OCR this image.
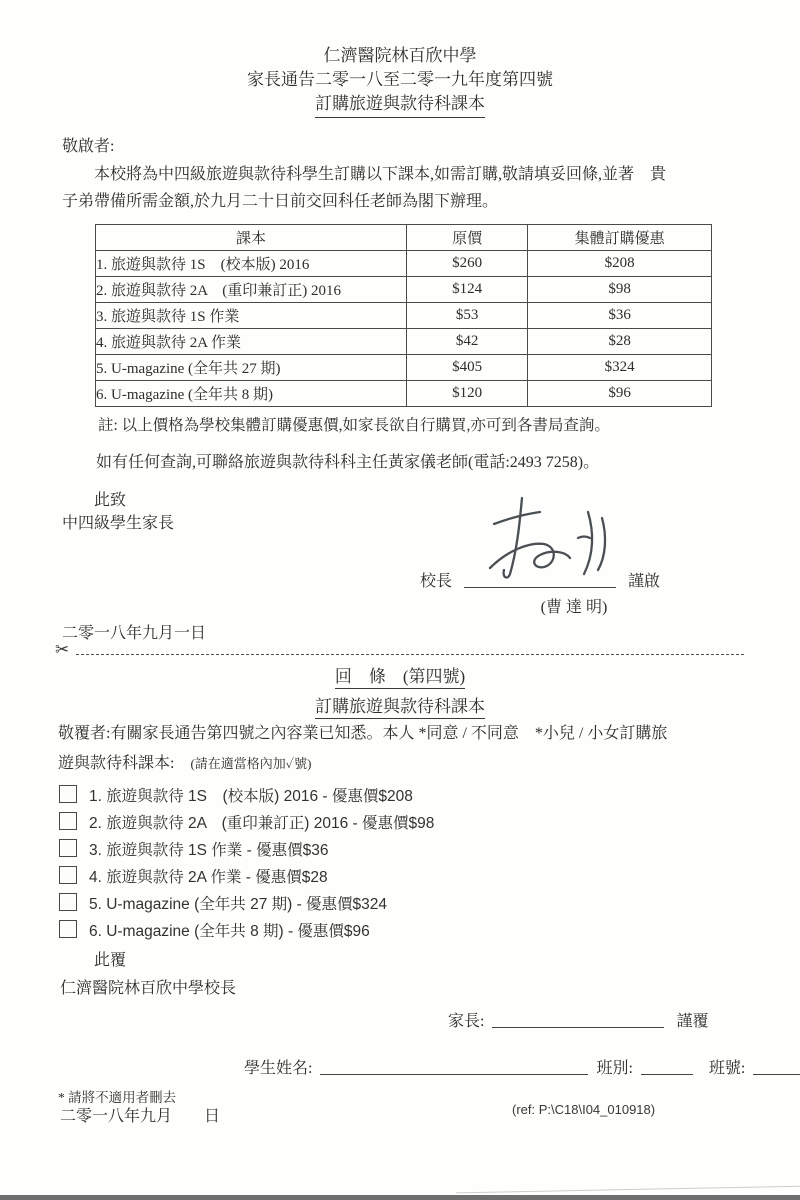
仁濟醫院林百欣中學
家長通告二零一八至二零一九年度第四號
訂購旅遊與款待科課本
敬啟者:
本校將為中四級旅遊與款待科學生訂購以下課本,如需訂購,敬請填妥回條,並著　貴
子弟帶備所需金額,於九月二十日前交回科任老師為閣下辦理。
課本	原價	集體訂購優惠
1. 旅遊與款待 1S　(校本版) 2016	$260	$208
2. 旅遊與款待 2A　(重印兼訂正) 2016	$124	$98
3. 旅遊與款待 1S 作業	$53	$36
4. 旅遊與款待 2A 作業	$42	$28
5. U-magazine (全年共 27 期)	$405	$324
6. U-magazine (全年共 8 期)	$120	$96
註: 以上價格為學校集體訂購優惠價,如家長欲自行購買,亦可到各書局查詢。
如有任何查詢,可聯絡旅遊與款待科科主任黃家儀老師(電話:2493 7258)。
此致
中四級學生家長
校長	謹啟
(曹 達 明)
二零一八年九月一日
✂
回　條　(第四號)
訂購旅遊與款待科課本
敬覆者:有關家長通告第四號之內容業已知悉。本人 *同意 / 不同意　*小兒 / 小女訂購旅
遊與款待科課本:　(請在適當格內加✓號)
1. 旅遊與款待 1S　(校本版) 2016 - 優惠價$208
2. 旅遊與款待 2A　(重印兼訂正) 2016 - 優惠價$98
3. 旅遊與款待 1S 作業 - 優惠價$36
4. 旅遊與款待 2A 作業 - 優惠價$28
5. U-magazine (全年共 27 期) - 優惠價$324
6. U-magazine (全年共 8 期) - 優惠價$96
此覆
仁濟醫院林百欣中學校長
家長:	謹覆
學生姓名:	班別:	班號:
* 請將不適用者刪去
二零一八年九月　　日	(ref: P:\C18\I04_010918)
